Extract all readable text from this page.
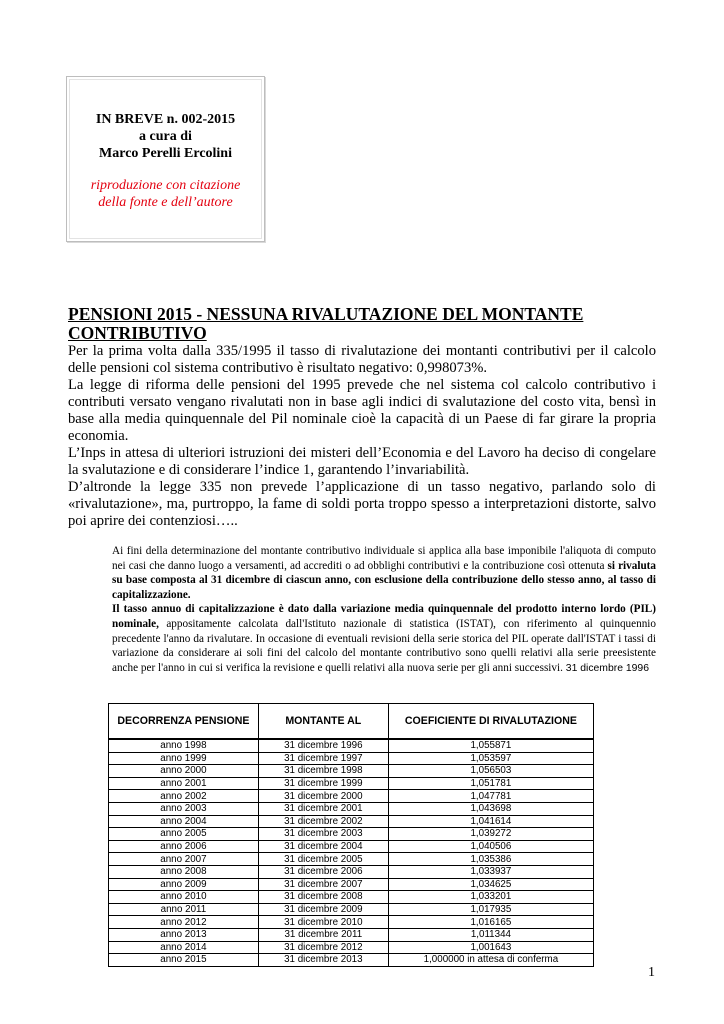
IN BREVE n. 002-2015
a cura di
Marco Perelli Ercolini
riproduzione con citazione
della fonte e dell’autore
PENSIONI 2015 - NESSUNA RIVALUTAZIONE DEL MONTANTE
CONTRIBUTIVO

Per la prima volta dalla 335/1995 il tasso di rivalutazione dei montanti contributivi per il calcolo delle pensioni col sistema contributivo è risultato negativo: 0,998073%.

La legge di riforma delle pensioni del 1995 prevede che nel sistema col calcolo contributivo i contributi versato vengano rivalutati non in base agli indici di svalutazione del costo vita, bensì in base alla media quinquennale del Pil nominale cioè la capacità di un Paese di far girare la propria economia.

L’Inps in attesa di ulteriori istruzioni dei misteri dell’Economia e del Lavoro ha deciso di congelare la svalutazione e di considerare l’indice 1, garantendo l’invariabilità.

D’altronde la legge 335 non prevede l’applicazione di un tasso negativo, parlando solo di «rivalutazione», ma, purtroppo, la fame di soldi porta troppo spesso a interpretazioni distorte, salvo poi aprire dei contenziosi…..

Ai fini della determinazione del montante contributivo individuale si applica alla base imponibile l'aliquota di computo nei casi che danno luogo a versamenti, ad accrediti o ad obblighi contributivi e la contribuzione così ottenuta si rivaluta su base composta al 31 dicembre di ciascun anno, con esclusione della contribuzione dello stesso anno, al tasso di capitalizzazione.

Il tasso annuo di capitalizzazione è dato dalla variazione media quinquennale del prodotto interno lordo (PIL) nominale, appositamente calcolata dall'Istituto nazionale di statistica (ISTAT), con riferimento al quinquennio precedente l'anno da rivalutare. In occasione di eventuali revisioni della serie storica del PIL operate dall'ISTAT i tassi di variazione da considerare ai soli fini del calcolo del montante contributivo sono quelli relativi alla serie preesistente anche per l'anno in cui si verifica la revisione e quelli relativi alla nuova serie per gli anni successivi. 31 dicembre 1996

DECORRENZA PENSIONE	MONTANTE AL	COEFICIENTE DI RIVALUTAZIONE
anno 1998	31 dicembre 1996	1,055871
anno 1999	31 dicembre 1997	1,053597
anno 2000	31 dicembre 1998	1,056503
anno 2001	31 dicembre 1999	1,051781
anno 2002	31 dicembre 2000	1,047781
anno 2003	31 dicembre 2001	1,043698
anno 2004	31 dicembre 2002	1,041614
anno 2005	31 dicembre 2003	1,039272
anno 2006	31 dicembre 2004	1,040506
anno 2007	31 dicembre 2005	1,035386
anno 2008	31 dicembre 2006	1,033937
anno 2009	31 dicembre 2007	1,034625
anno 2010	31 dicembre 2008	1,033201
anno 2011	31 dicembre 2009	1,017935
anno 2012	31 dicembre 2010	1,016165
anno 2013	31 dicembre 2011	1,011344
anno 2014	31 dicembre 2012	1,001643
anno 2015	31 dicembre 2013	1,000000 in attesa di conferma
1
